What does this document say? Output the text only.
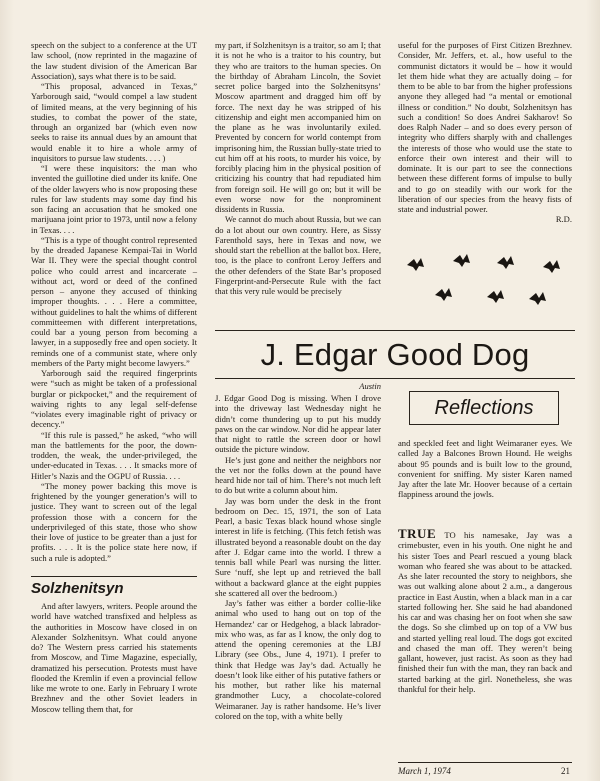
speech on the subject to a conference at the UT law school, (now reprinted in the magazine of the law student division of the American Bar Association), says what there is to be said.

“This proposal, advanced in Texas,” Yarborough said, “would compel a law student of limited means, at the very beginning of his studies, to combat the power of the state, through an organized bar (which even now seeks to raise its annual dues by an amount that would enable it to hire a whole army of inquisitors to pursue law students. . . . )

“I were these inquisitors: the man who invented the guillotine died under its knife. One of the older lawyers who is now proposing these rules for law students may some day find his son facing an accusation that he smoked one marijuana joint prior to 1973, until now a felony in Texas. . . .

“This is a type of thought control represented by the dreaded Japanese Kempai-Tai in World War II. They were the special thought control police who could arrest and incarcerate – without act, word or deed of the confined person – anyone they accused of thinking improper thoughts. . . . Here a committee, without guidelines to halt the whims of different committeemen with different interpretations, could bar a young person from becoming a lawyer, in a supposedly free and open society. It reminds one of a communist state, where only members of the Party might become lawyers.”

Yarborough said the required fingerprints were “such as might be taken of a professional burglar or pickpocket,” and the requirement of waiving rights to any legal self-defense “violates every imaginable right of privacy or decency.”

“If this rule is passed,” he asked, “who will man the battlements for the poor, the down-trodden, the weak, the under-privileged, the under-educated in Texas. . . . It smacks more of Hitler’s Nazis and the OGPU of Russia. . . .

“The money power backing this move is frightened by the younger generation’s will to justice. They want to screen out of the legal profession those with a concern for the underprivileged of this state, those who show their love of justice to be greater than a just for profits. . . . It is the police state here now, if such a rule is adopted.”

Solzhenitsyn

And after lawyers, writers. People around the world have watched transfixed and helpless as the authorities in Moscow have closed in on Alexander Solzhenitsyn. What could anyone do? The Western press carried his statements from Moscow, and Time Magazine, especially, dramatized his persecution. Protests must have flooded the Kremlin if even a provincial fellow like me wrote to one. Early in February I wrote Brezhnev and the other Soviet leaders in Moscow telling them that, for

my part, if Solzhenitsyn is a traitor, so am I; that it is not he who is a traitor to his country, but they who are traitors to the human species. On the birthday of Abraham Lincoln, the Soviet secret police barged into the Solzhenitsyns’ Moscow apartment and dragged him off by force. The next day he was stripped of his citizenship and eight men accompanied him on the plane as he was involuntarily exiled. Prevented by concern for world contempt from imprisoning him, the Russian bully-state tried to cut him off at his roots, to murder his voice, by forcibly placing him in the physical position of criticizing his country that had repudiated him from foreign soil. He will go on; but it will be even worse now for the nonprominent dissidents in Russia.

We cannot do much about Russia, but we can do a lot about our own country. Here, as Sissy Farenthold says, here in Texas and now, we should start the rebellion at the ballot box. Here, too, is the place to confront Leroy Jeffers and the other defenders of the State Bar’s proposed Fingerprint-and-Persecute Rule with the fact that this very rule would be precisely

useful for the purposes of First Citizen Brezhnev. Consider, Mr. Jeffers, et. al., how useful to the communist dictators it would be – how it would let them hide what they are actually doing – for them to be able to bar from the higher professions anyone they alleged had “a mental or emotional illness or condition.” No doubt, Solzhenitsyn has such a condition! So does Andrei Sakharov! So does Ralph Nader – and so does every person of integrity who differs sharply with and challenges the interests of those who would use the state to enforce their own interest and their will to dominate. It is our part to see the connections between these different forms of impulse to bully and to go on steadily with our work for the liberation of our species from the heavy fists of state and industrial power.

R.D.

J. Edgar Good Dog
Austin

J. Edgar Good Dog is missing. When I drove into the driveway last Wednesday night he didn’t come thundering up to put his muddy paws on the car window. Nor did he appear later that night to rattle the screen door or howl outside the picture window.

He’s just gone and neither the neighbors nor the vet nor the folks down at the pound have heard hide nor tail of him. There’s not much left to do but write a column about him.

Jay was born under the desk in the front bedroom on Dec. 15, 1971, the son of Lata Pearl, a basic Texas black hound whose single interest in life is fetching. (This fetch fetish was illustrated beyond a reasonable doubt on the day after J. Edgar came into the world. I threw a tennis ball while Pearl was nursing the litter. Sure ‘nuff, she lept up and retrieved the ball without a backward glance at the eight puppies she scattered all over the bedroom.)

Jay’s father was either a border collie-like animal who used to hang out on top of the Hernandez’ car or Hedgehog, a black labrador-mix who was, as far as I know, the only dog to attend the opening ceremonies at the LBJ Library (see Obs., June 4, 1971). I prefer to think that Hedge was Jay’s dad. Actually he doesn’t look like either of his putative fathers or his mother, but rather like his maternal grandmother Lucy, a chocolate-colored Weimaraner. Jay is rather handsome. He’s liver colored on the top, with a white belly

Reflections

and speckled feet and light Weimaraner eyes. We called Jay a Balcones Brown Hound. He weighs about 95 pounds and is built low to the ground, convenient for sniffing. My sister Karen named Jay after the late Mr. Hoover because of a certain flappiness around the jowls.

TRUE TO his namesake, Jay was a crimebuster, even in his youth. One night he and his sister Toes and Pearl rescued a young black woman who feared she was about to be attacked. As she later recounted the story to neighbors, she was out walking alone about 2 a.m., a dangerous practice in East Austin, when a black man in a car started following her. She said he had abandoned his car and was chasing her on foot when she saw the dogs. So she climbed up on top of a VW bus and started yelling real loud. The dogs got excited and chased the man off. They weren’t being gallant, however, just racist. As soon as they had finished their fun with the man, they ran back and started barking at the girl. Nonetheless, she was thankful for their help.

March 1, 1974	21
